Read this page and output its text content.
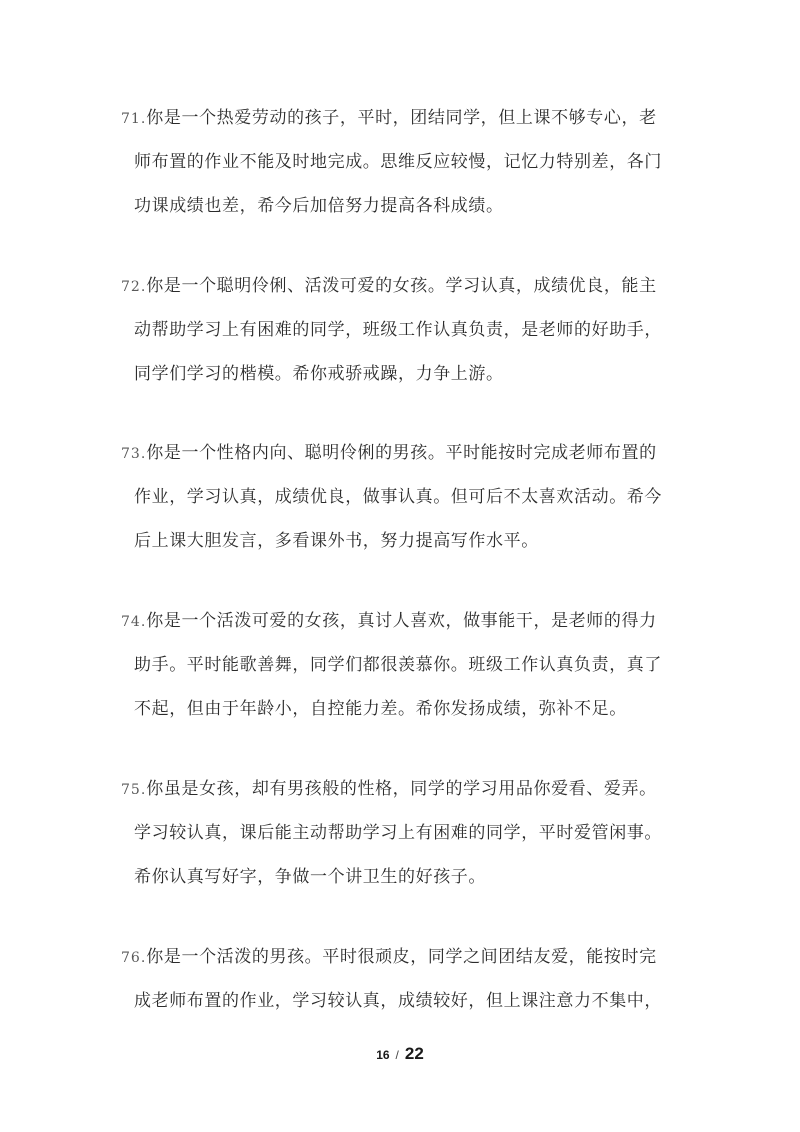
71.你是一个热爱劳动的孩子，平时，团结同学，但上课不够专心，老
师布置的作业不能及时地完成。思维反应较慢，记忆力特别差，各门
功课成绩也差，希今后加倍努力提高各科成绩。
72.你是一个聪明伶俐、活泼可爱的女孩。学习认真，成绩优良，能主
动帮助学习上有困难的同学，班级工作认真负责，是老师的好助手，
同学们学习的楷模。希你戒骄戒躁，力争上游。
73.你是一个性格内向、聪明伶俐的男孩。平时能按时完成老师布置的
作业，学习认真，成绩优良，做事认真。但可后不太喜欢活动。希今
后上课大胆发言，多看课外书，努力提高写作水平。
74.你是一个活泼可爱的女孩，真讨人喜欢，做事能干，是老师的得力
助手。平时能歌善舞，同学们都很羡慕你。班级工作认真负责，真了
不起，但由于年龄小，自控能力差。希你发扬成绩，弥补不足。
75.你虽是女孩，却有男孩般的性格，同学的学习用品你爱看、爱弄。
学习较认真，课后能主动帮助学习上有困难的同学，平时爱管闲事。
希你认真写好字，争做一个讲卫生的好孩子。
76.你是一个活泼的男孩。平时很顽皮，同学之间团结友爱，能按时完
成老师布置的作业，学习较认真，成绩较好，但上课注意力不集中，
16 / 22
